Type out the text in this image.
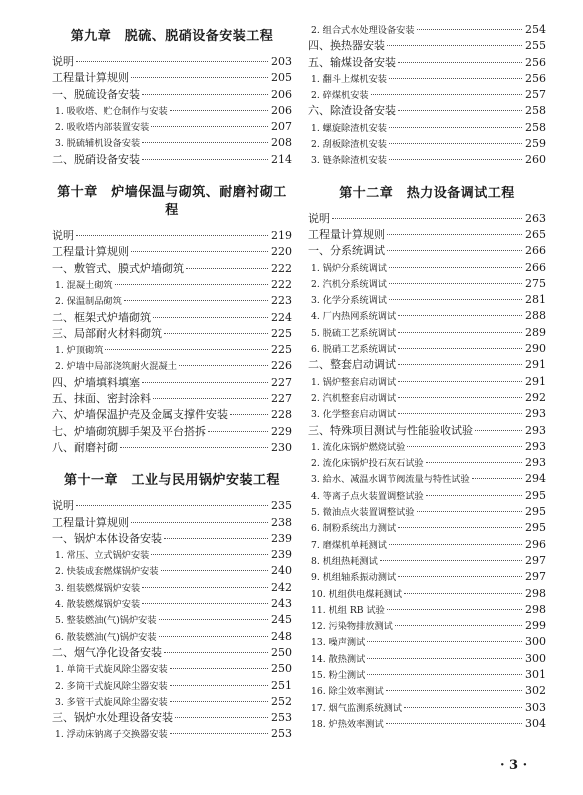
第九章　脱硫、脱硝设备安装工程
说明	203
工程量计算规则	205
一、脱硫设备安装	206
1. 吸收塔、贮仓制作与安装	206
2. 吸收塔内部装置安装	207
3. 脱硫辅机设备安装	208
二、脱硝设备安装	214
第十章　炉墙保温与砌筑、耐磨衬砌工程
说明	219
工程量计算规则	220
一、敷管式、膜式炉墙砌筑	222
1. 混凝土砌筑	222
2. 保温制品砌筑	223
二、框架式炉墙砌筑	224
三、局部耐火材料砌筑	225
1. 炉顶砌筑	225
2. 炉墙中局部浇筑耐火混凝土	226
四、炉墙填料填塞	227
五、抹面、密封涂料	227
六、炉墙保温护壳及金属支撑件安装	228
七、炉墙砌筑脚手架及平台搭拆	229
八、耐磨衬砌	230
第十一章　工业与民用锅炉安装工程
说明	235
工程量计算规则	238
一、锅炉本体设备安装	239
1. 常压、立式锅炉安装	239
2. 快装成套燃煤锅炉安装	240
3. 组装燃煤锅炉安装	242
4. 散装燃煤锅炉安装	243
5. 整装燃油(气)锅炉安装	245
6. 散装燃油(气)锅炉安装	248
二、烟气净化设备安装	250
1. 单筒干式旋风除尘器安装	250
2. 多筒干式旋风除尘器安装	251
3. 多管干式旋风除尘器安装	252
三、锅炉水处理设备安装	253
1. 浮动床钠离子交换器安装	253
2. 组合式水处理设备安装	254
四、换热器安装	255
五、输煤设备安装	256
1. 翻斗上煤机安装	256
2. 碎煤机安装	257
六、除渣设备安装	258
1. 螺旋除渣机安装	258
2. 刮板除渣机安装	259
3. 链条除渣机安装	260
第十二章　热力设备调试工程
说明	263
工程量计算规则	265
一、分系统调试	266
1. 锅炉分系统调试	266
2. 汽机分系统调试	275
3. 化学分系统调试	281
4. 厂内热网系统调试	288
5. 脱硫工艺系统调试	289
6. 脱硝工艺系统调试	290
二、整套启动调试	291
1. 锅炉整套启动调试	291
2. 汽机整套启动调试	292
3. 化学整套启动调试	293
三、特殊项目测试与性能验收试验	293
1. 流化床锅炉燃烧试验	293
2. 流化床锅炉投石灰石试验	293
3. 給水、减温水调节阀流量与特性试验	294
4. 等离子点火装置调整试验	295
5. 微油点火装置调整试验	295
6. 制粉系统出力测试	295
7. 磨煤机单耗测试	296
8. 机组热耗测试	297
9. 机组轴系振动测试	297
10. 机组供电煤耗测试	298
11. 机组 RB 试验	298
12. 污染物排放测试	299
13. 噪声测试	300
14. 散热测试	300
15. 粉尘测试	301
16. 除尘效率测试	302
17. 烟气监测系统测试	303
18. 炉热效率测试	304
· 3 ·
